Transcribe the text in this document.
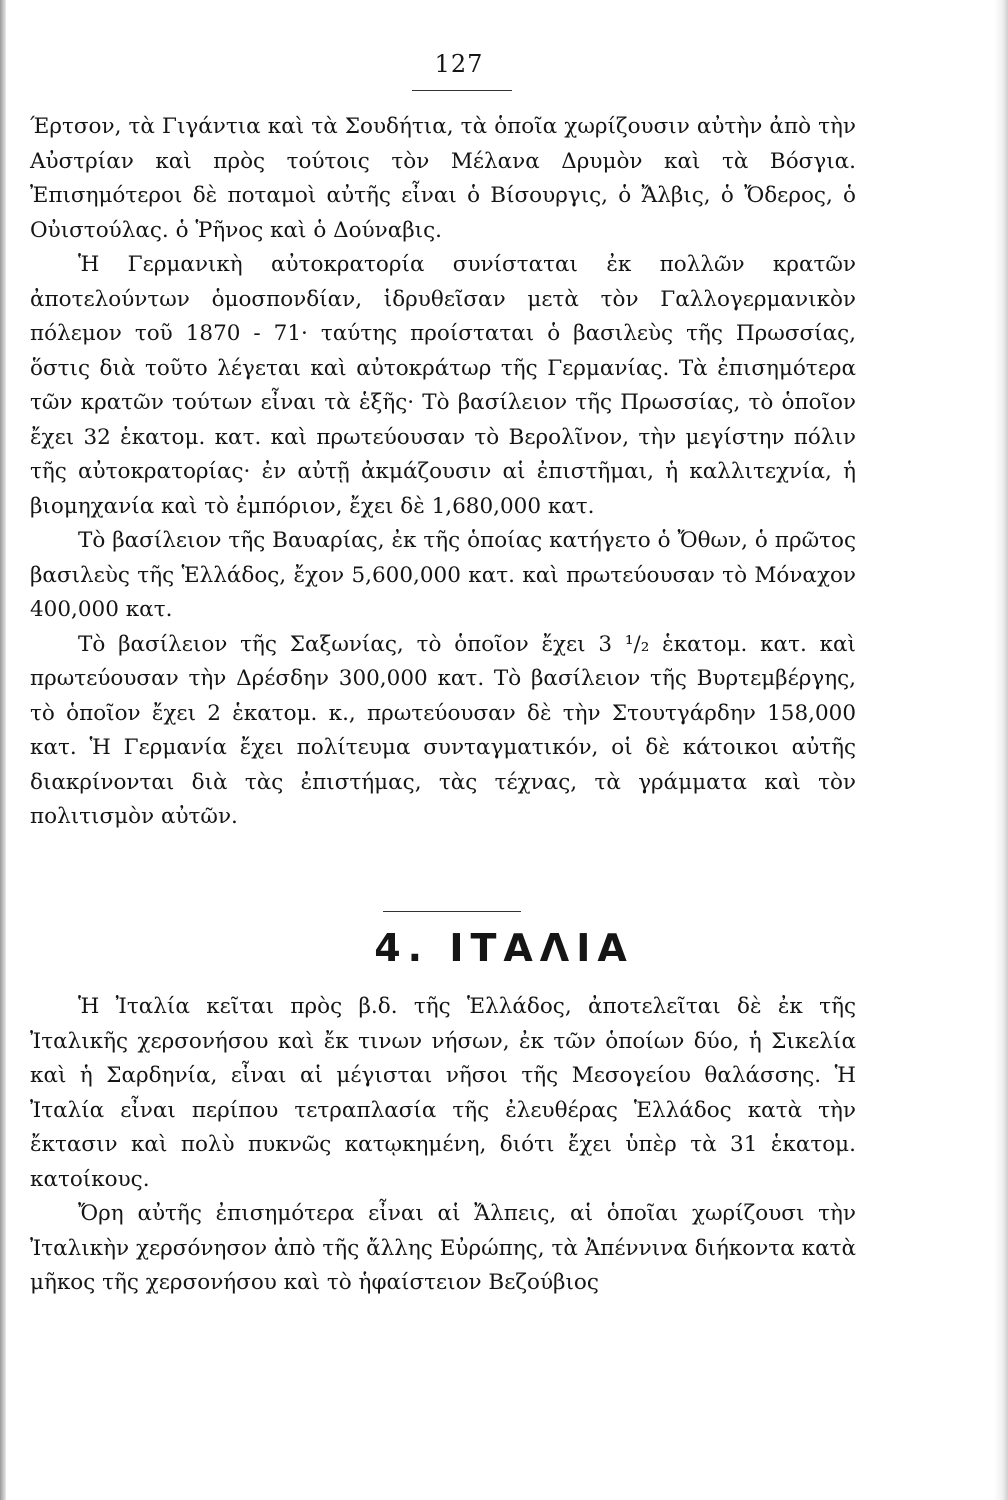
127

Έρτσον, τὰ Γιγάντια καὶ τὰ Σουδήτια, τὰ ὁποῖα χωρίζουσιν αὐτὴν ἀπὸ τὴν Αὐστρίαν καὶ πρὸς τούτοις τὸν Μέλανα Δρυμὸν καὶ τὰ Βόσγια. Ἐπισημότεροι δὲ ποταμοὶ αὐτῆς εἶναι ὁ Βίσουργις, ὁ Ἄλβις, ὁ Ὄδερος, ὁ Οὐιστούλας. ὁ Ῥῆνος καὶ ὁ Δούναβις.

Ἡ Γερμανικὴ αὐτοκρατορία συνίσταται ἐκ πολλῶν κρατῶν ἀποτελούντων ὁμοσπονδίαν, ἱδρυθεῖσαν μετὰ τὸν Γαλλογερμανικὸν πόλεμον τοῦ 1870 - 71· ταύτης προίσταται ὁ βασιλεὺς τῆς Πρωσσίας, ὅστις διὰ τοῦτο λέγεται καὶ αὐτοκράτωρ τῆς Γερμανίας. Τὰ ἐπισημότερα τῶν κρατῶν τούτων εἶναι τὰ ἑξῆς· Τὸ βασίλειον τῆς Πρωσσίας, τὸ ὁποῖον ἔχει 32 ἑκατομ. κατ. καὶ πρωτεύουσαν τὸ Βερολῖνον, τὴν μεγίστην πόλιν τῆς αὐτοκρατορίας· ἐν αὐτῇ ἀκμάζουσιν αἱ ἐπιστῆμαι, ἡ καλλιτεχνία, ἡ βιομηχανία καὶ τὸ ἐμπόριον, ἔχει δὲ 1,680,000 κατ.

Τὸ βασίλειον τῆς Βαυαρίας, ἐκ τῆς ὁποίας κατήγετο ὁ Ὄθων, ὁ πρῶτος βασιλεὺς τῆς Ἑλλάδος, ἔχον 5,600,000 κατ. καὶ πρωτεύουσαν τὸ Μόναχον 400,000 κατ.

Τὸ βασίλειον τῆς Σαξωνίας, τὸ ὁποῖον ἔχει 3 ¹/₂ ἑκατομ. κατ. καὶ πρωτεύουσαν τὴν Δρέσδην 300,000 κατ. Τὸ βασίλειον τῆς Βυρτεμβέργης, τὸ ὁποῖον ἔχει 2 ἑκατομ. κ., πρωτεύουσαν δὲ τὴν Στουτγάρδην 158,000 κατ. Ἡ Γερμανία ἔχει πολίτευμα συνταγματικόν, οἱ δὲ κάτοικοι αὐτῆς διακρίνονται διὰ τὰς ἐπιστήμας, τὰς τέχνας, τὰ γράμματα καὶ τὸν πολιτισμὸν αὐτῶν.

4. ΙΤΑΛΙΑ

Ἡ Ἰταλία κεῖται πρὸς β.δ. τῆς Ἑλλάδος, ἀποτελεῖται δὲ ἐκ τῆς Ἰταλικῆς χερσονήσου καὶ ἔκ τινων νήσων, ἐκ τῶν ὁποίων δύο, ἡ Σικελία καὶ ἡ Σαρδηνία, εἶναι αἱ μέγισται νῆσοι τῆς Μεσογείου θαλάσσης. Ἡ Ἰταλία εἶναι περίπου τετραπλασία τῆς ἐλευθέρας Ἑλλάδος κατὰ τὴν ἔκτασιν καὶ πολὺ πυκνῶς κατῳκημένη, διότι ἔχει ὑπὲρ τὰ 31 ἑκατομ. κατοίκους.

Ὄρη αὐτῆς ἐπισημότερα εἶναι αἱ Ἄλπεις, αἱ ὁποῖαι χωρίζουσι τὴν Ἰταλικὴν χερσόνησον ἀπὸ τῆς ἄλλης Εὐρώπης, τὰ Ἀπέννινα διήκοντα κατὰ μῆκος τῆς χερσονήσου καὶ τὸ ἡφαίστειον Βεζούβιος
